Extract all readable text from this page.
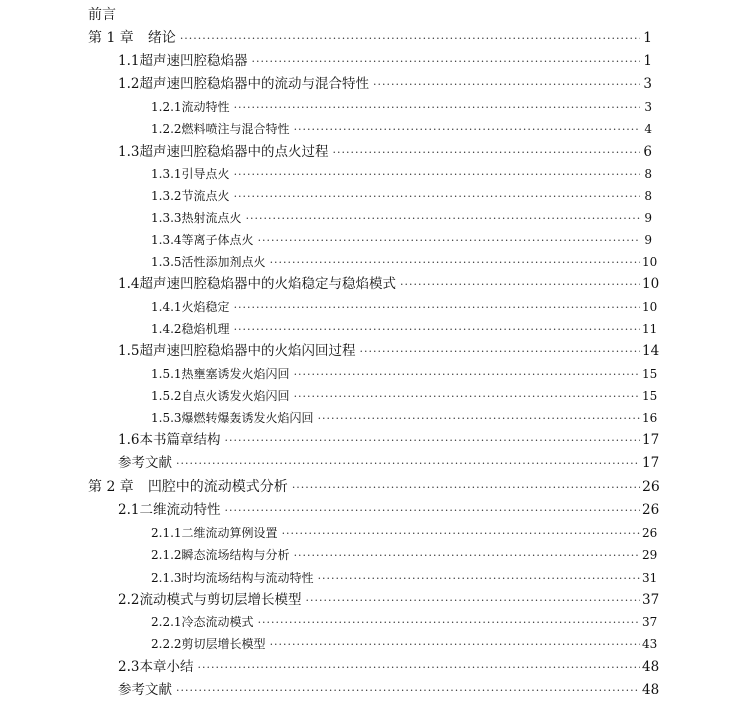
前言
第 1 章 绪论 ·····	1
1.1 超声速凹腔稳焰器 ·····	1
1.2 超声速凹腔稳焰器中的流动与混合特性 ·····	3
1.2.1 流动特性 ·····	3
1.2.2 燃料喷注与混合特性 ·····	4
1.3 超声速凹腔稳焰器中的点火过程 ·····	6
1.3.1 引导点火 ·····	8
1.3.2 节流点火 ·····	8
1.3.3 热射流点火 ·····	9
1.3.4 等离子体点火 ·····	9
1.3.5 活性添加剂点火 ·····	10
1.4 超声速凹腔稳焰器中的火焰稳定与稳焰模式 ·····	10
1.4.1 火焰稳定 ·····	10
1.4.2 稳焰机理 ·····	11
1.5 超声速凹腔稳焰器中的火焰闪回过程 ·····	14
1.5.1 热壅塞诱发火焰闪回 ·····	15
1.5.2 自点火诱发火焰闪回 ·····	15
1.5.3 爆燃转爆轰诱发火焰闪回 ·····	16
1.6 本书篇章结构 ·····	17
参考文献 ·····	17
第 2 章 凹腔中的流动模式分析 ·····	26
2.1 二维流动特性 ·····	26
2.1.1 二维流动算例设置 ·····	26
2.1.2 瞬态流场结构与分析 ·····	29
2.1.3 时均流场结构与流动特性 ·····	31
2.2 流动模式与剪切层增长模型 ·····	37
2.2.1 冷态流动模式 ·····	37
2.2.2 剪切层增长模型 ·····	43
2.3 本章小结 ·····	48
参考文献 ·····	48
